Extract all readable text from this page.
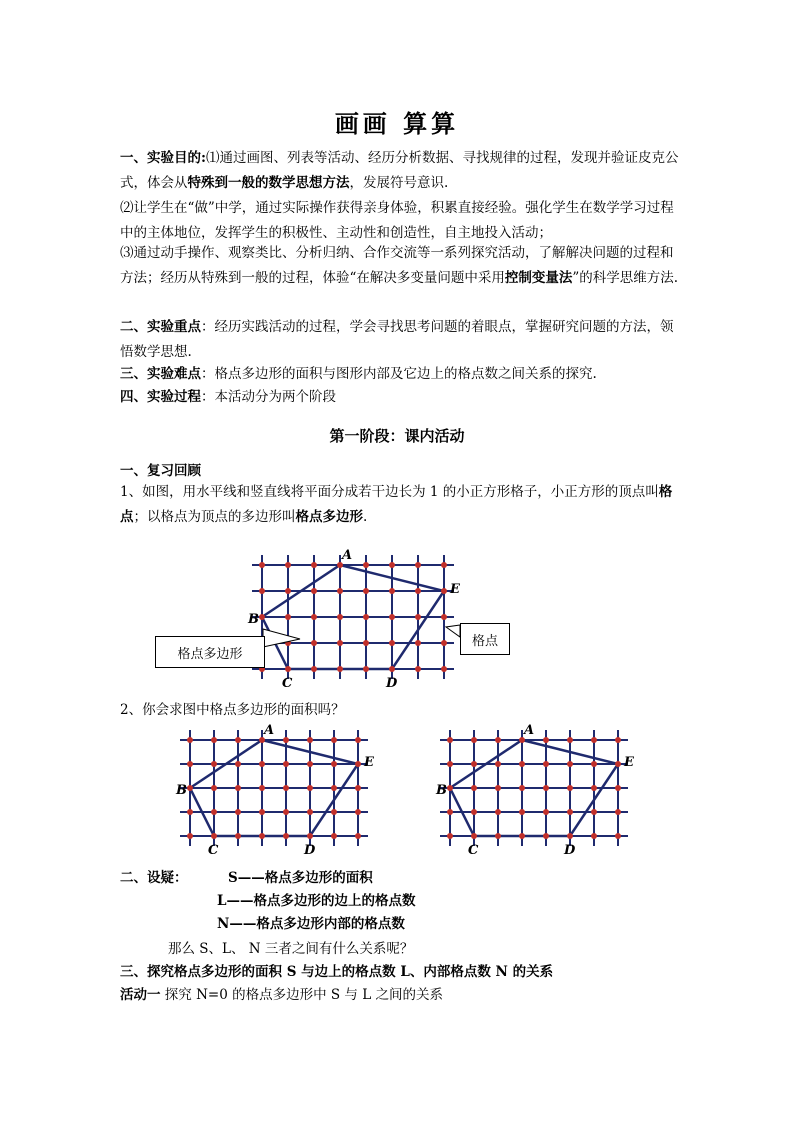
画画 算算
一、实验目的:⑴通过画图、列表等活动、经历分析数据、寻找规律的过程，发现并验证皮克公式，体会从特殊到一般的数学思想方法，发展符号意识.
⑵让学生在“做”中学，通过实际操作获得亲身体验，积累直接经验。强化学生在数学学习过程中的主体地位，发挥学生的积极性、主动性和创造性，自主地投入活动；
⑶通过动手操作、观察类比、分析归纳、合作交流等一系列探究活动，了解解决问题的过程和方法；经历从特殊到一般的过程，体验“在解决多变量问题中采用控制变量法”的科学思维方法.
二、实验重点：经历实践活动的过程，学会寻找思考问题的着眼点，掌握研究问题的方法，领悟数学思想.
三、实验难点：格点多边形的面积与图形内部及它边上的格点数之间关系的探究.
四、实验过程：本活动分为两个阶段
第一阶段：课内活动
一、复习回顾
1、如图，用水平线和竖直线将平面分成若干边长为 1 的小正方形格子，小正方形的顶点叫格点；以格点为顶点的多边形叫格点多边形.
A
E
D
C
B
格点多边形
格点
2、你会求图中格点多边形的面积吗？
A
E
D
C
B
A
E
D
C
B
二、设疑：	S——格点多边形的面积
L——格点多边形的边上的格点数
N——格点多边形内部的格点数
那么 S、L、 N 三者之间有什么关系呢？
三、探究格点多边形的面积 S 与边上的格点数 L、内部格点数 N 的关系
活动一 探究 N=0 的格点多边形中 S 与 L 之间的关系
